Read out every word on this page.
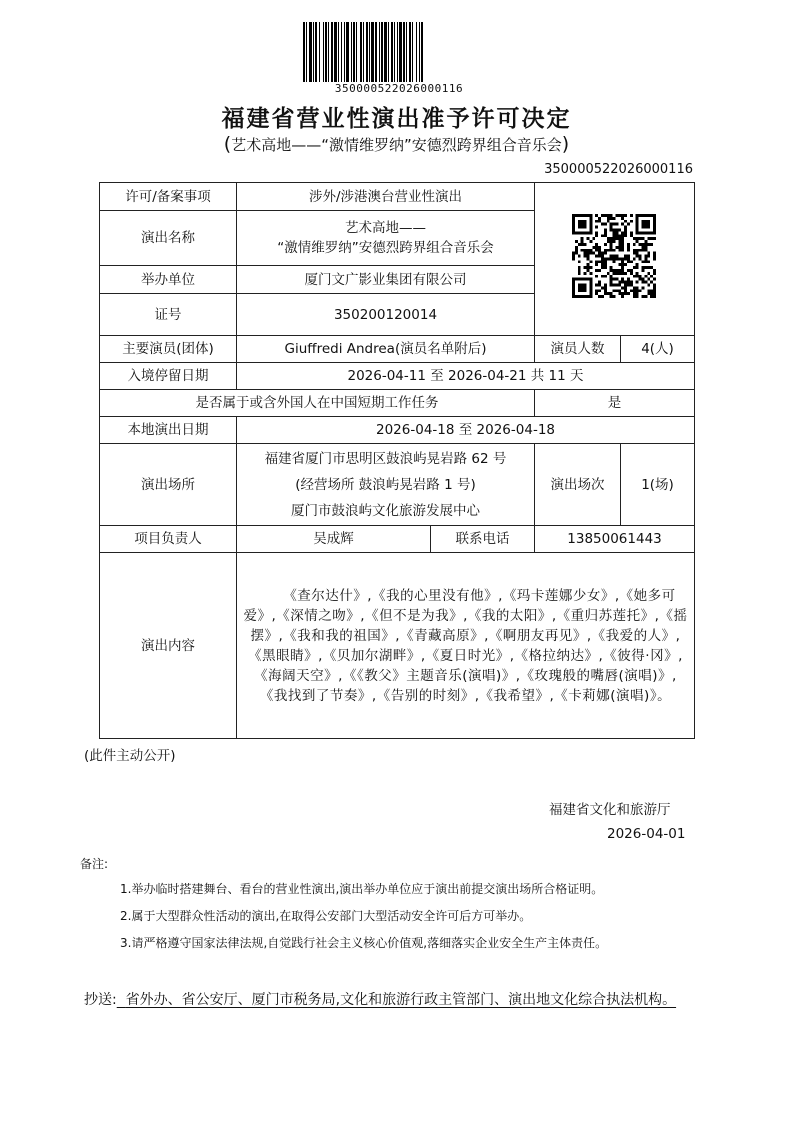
350000522026000116
福建省营业性演出准予许可决定
(艺术高地——“激情维罗纳”安德烈跨界组合音乐会)
350000522026000116
许可/备案事项	涉外/涉港澳台营业性演出			
演出名称	艺术高地——
“激情维罗纳”安德烈跨界组合音乐会			

举办单位	厦门文广影业集团有限公司			
证号	350200120014			
主要演员(团体)	Giuffredi Andrea(演员名单附后)		演员人数	4(人)
入境停留日期	2026-04-11 至 2026-04-21 共 11 天			
是否属于或含外国人在中国短期工作任务			是	
本地演出日期	2026-04-18 至 2026-04-18			
演出场所	福建省厦门市思明区鼓浪屿晃岩路 62 号
(经营场所 鼓浪屿晃岩路 1 号)
厦门市鼓浪屿文化旅游发展中心		演出场次	1(场)
项目负责人	吴成辉	联系电话	13850061443	
演出内容	《查尔达什》,《我的心里没有他》,《玛卡莲娜少女》,《她多可爱》,《深情之吻》,《但不是为我》,《我的太阳》,《重归苏莲托》,《摇摆》,《我和我的祖国》,《青藏高原》,《啊朋友再见》,《我爱的人》,《黑眼睛》,《贝加尔湖畔》,《夏日时光》,《格拉纳达》,《彼得·冈》,《海阔天空》,《《教父》主题音乐(演唱)》,《玫瑰般的嘴唇(演唱)》,《我找到了节奏》,《告别的时刻》,《我希望》,《卡莉娜(演唱)》。			
(此件主动公开)
福建省文化和旅游厅
2026-04-01
备注:
1.举办临时搭建舞台、看台的营业性演出,演出举办单位应于演出前提交演出场所合格证明。
2.属于大型群众性活动的演出,在取得公安部门大型活动安全许可后方可举办。
3.请严格遵守国家法律法规,自觉践行社会主义核心价值观,落细落实企业安全生产主体责任。
抄送: 省外办、省公安厅、厦门市税务局,文化和旅游行政主管部门、演出地文化综合执法机构。
